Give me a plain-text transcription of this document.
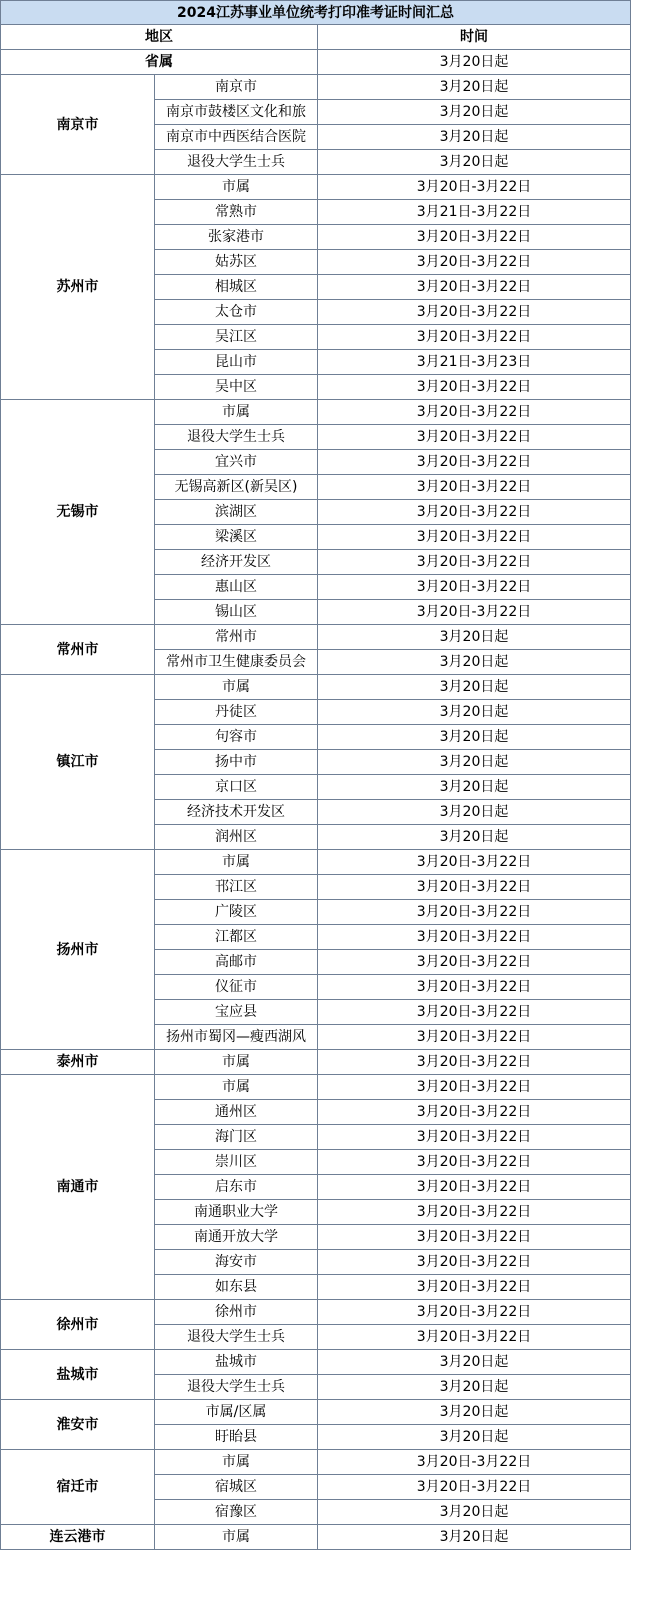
2024江苏事业单位统考打印准考证时间汇总		
地区		时间
省属		3月20日起
南京市	南京市	3月20日起
	南京市鼓楼区文化和旅	3月20日起
	南京市中西医结合医院	3月20日起
	退役大学生士兵	3月20日起
苏州市	市属	3月20日-3月22日
	常熟市	3月21日-3月22日
	张家港市	3月20日-3月22日
	姑苏区	3月20日-3月22日
	相城区	3月20日-3月22日
	太仓市	3月20日-3月22日
	吴江区	3月20日-3月22日
	昆山市	3月21日-3月23日
	吴中区	3月20日-3月22日
无锡市	市属	3月20日-3月22日
	退役大学生士兵	3月20日-3月22日
	宜兴市	3月20日-3月22日
	无锡高新区(新吴区)	3月20日-3月22日
	滨湖区	3月20日-3月22日
	梁溪区	3月20日-3月22日
	经济开发区	3月20日-3月22日
	惠山区	3月20日-3月22日
	锡山区	3月20日-3月22日
常州市	常州市	3月20日起
	常州市卫生健康委员会	3月20日起
镇江市	市属	3月20日起
	丹徒区	3月20日起
	句容市	3月20日起
	扬中市	3月20日起
	京口区	3月20日起
	经济技术开发区	3月20日起
	润州区	3月20日起
扬州市	市属	3月20日-3月22日
	邗江区	3月20日-3月22日
	广陵区	3月20日-3月22日
	江都区	3月20日-3月22日
	高邮市	3月20日-3月22日
	仪征市	3月20日-3月22日
	宝应县	3月20日-3月22日
	扬州市蜀冈—瘦西湖风	3月20日-3月22日
泰州市	市属	3月20日-3月22日
南通市	市属	3月20日-3月22日
	通州区	3月20日-3月22日
	海门区	3月20日-3月22日
	崇川区	3月20日-3月22日
	启东市	3月20日-3月22日
	南通职业大学	3月20日-3月22日
	南通开放大学	3月20日-3月22日
	海安市	3月20日-3月22日
	如东县	3月20日-3月22日
徐州市	徐州市	3月20日-3月22日
	退役大学生士兵	3月20日-3月22日
盐城市	盐城市	3月20日起
	退役大学生士兵	3月20日起
淮安市	市属/区属	3月20日起
	盱眙县	3月20日起
宿迁市	市属	3月20日-3月22日
	宿城区	3月20日-3月22日
	宿豫区	3月20日起
连云港市	市属	3月20日起
